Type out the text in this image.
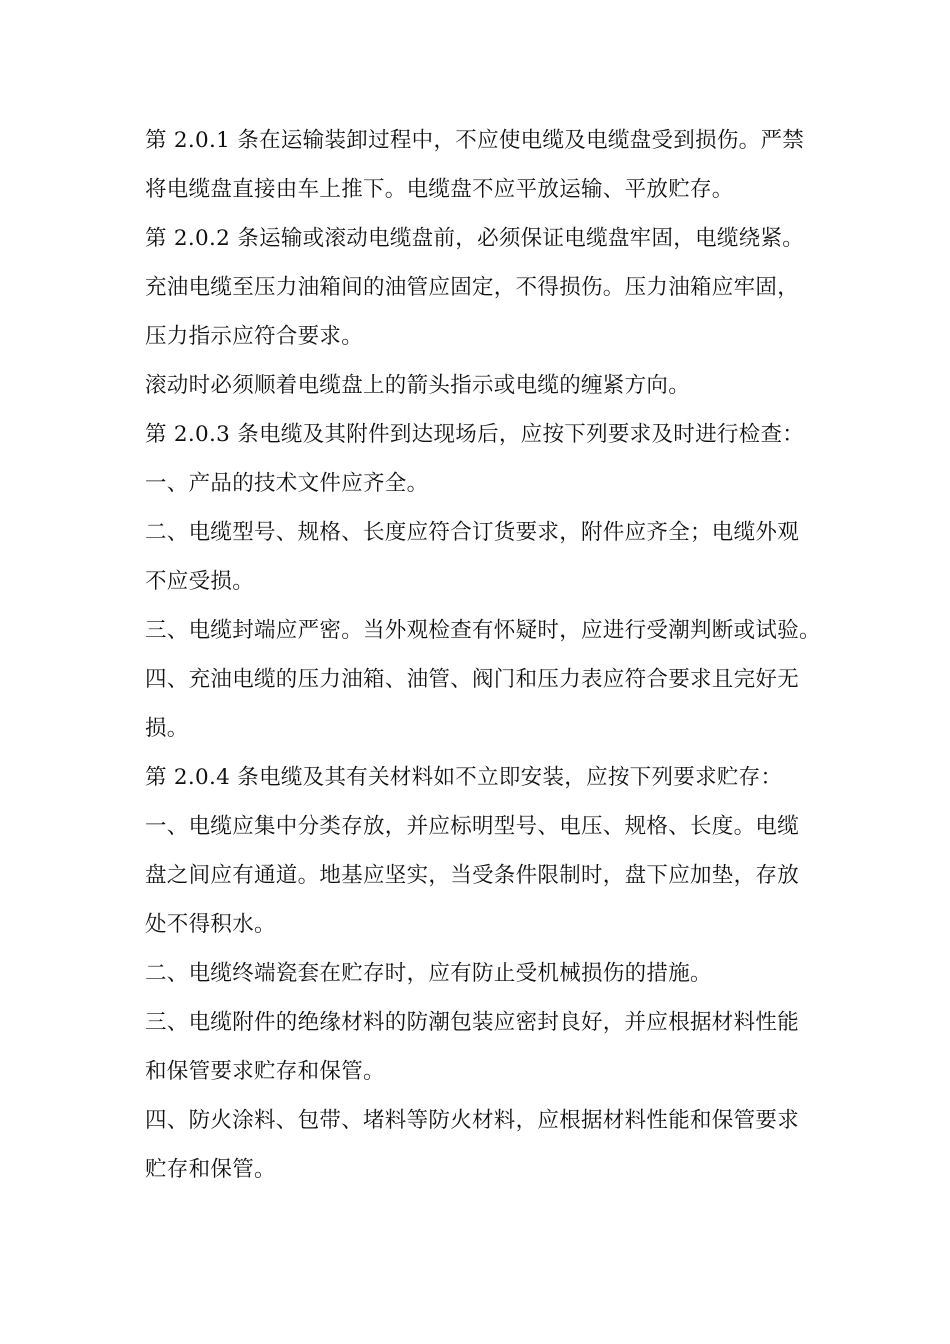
第 2.0.1 条在运输装卸过程中，不应使电缆及电缆盘受到损伤。严禁
将电缆盘直接由车上推下。电缆盘不应平放运输、平放贮存。
第 2.0.2 条运输或滚动电缆盘前，必须保证电缆盘牢固，电缆绕紧。
充油电缆至压力油箱间的油管应固定，不得损伤。压力油箱应牢固，
压力指示应符合要求。
滚动时必须顺着电缆盘上的箭头指示或电缆的缠紧方向。
第 2.0.3 条电缆及其附件到达现场后，应按下列要求及时进行检查：
一、产品的技术文件应齐全。
二、电缆型号、规格、长度应符合订货要求，附件应齐全；电缆外观
不应受损。
三、电缆封端应严密。当外观检查有怀疑时，应进行受潮判断或试验。
四、充油电缆的压力油箱、油管、阀门和压力表应符合要求且完好无
损。
第 2.0.4 条电缆及其有关材料如不立即安装，应按下列要求贮存：
一、电缆应集中分类存放，并应标明型号、电压、规格、长度。电缆
盘之间应有通道。地基应坚实，当受条件限制时，盘下应加垫，存放
处不得积水。
二、电缆终端瓷套在贮存时，应有防止受机械损伤的措施。
三、电缆附件的绝缘材料的防潮包装应密封良好，并应根据材料性能
和保管要求贮存和保管。
四、防火涂料、包带、堵料等防火材料，应根据材料性能和保管要求
贮存和保管。
